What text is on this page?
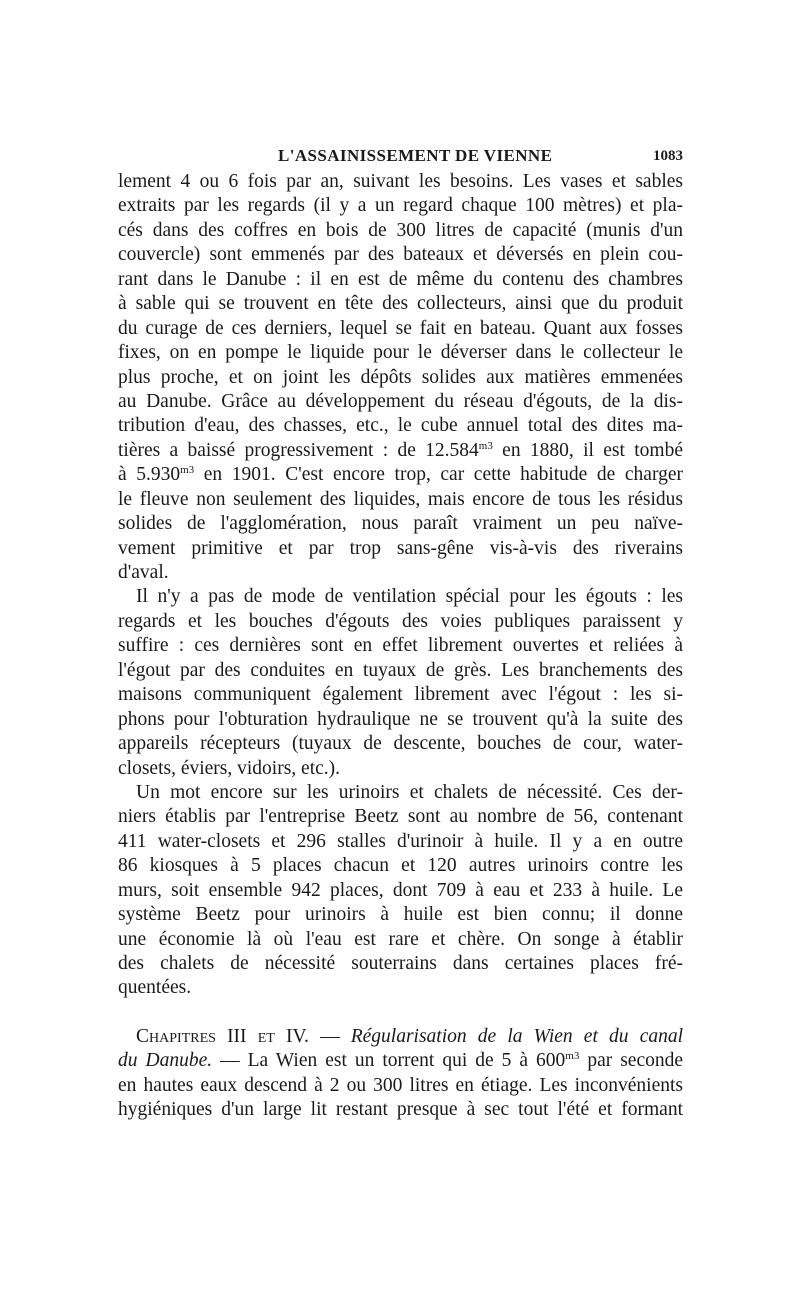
L'ASSAINISSEMENT DE VIENNE	1083
lement 4 ou 6 fois par an, suivant les besoins. Les vases et sables
extraits par les regards (il y a un regard chaque 100 mètres) et pla-
cés dans des coffres en bois de 300 litres de capacité (munis d'un
couvercle) sont emmenés par des bateaux et déversés en plein cou-
rant dans le Danube : il en est de même du contenu des chambres
à sable qui se trouvent en tête des collecteurs, ainsi que du produit
du curage de ces derniers, lequel se fait en bateau. Quant aux fosses
fixes, on en pompe le liquide pour le déverser dans le collecteur le
plus proche, et on joint les dépôts solides aux matières emmenées
au Danube. Grâce au développement du réseau d'égouts, de la dis-
tribution d'eau, des chasses, etc., le cube annuel total des dites ma-
tières a baissé progressivement : de $12.584^{m3}$ en 1880, il est tombé
à $5.930^{m3}$ en 1901. C'est encore trop, car cette habitude de charger
le fleuve non seulement des liquides, mais encore de tous les résidus
solides de l'agglomération, nous paraît vraiment un peu naïve-
vement primitive et par trop sans-gêne vis-à-vis des riverains
d'aval.
Il n'y a pas de mode de ventilation spécial pour les égouts : les
regards et les bouches d'égouts des voies publiques paraissent y
suffire : ces dernières sont en effet librement ouvertes et reliées à
l'égout par des conduites en tuyaux de grès. Les branchements des
maisons communiquent également librement avec l'égout : les si-
phons pour l'obturation hydraulique ne se trouvent qu'à la suite des
appareils récepteurs (tuyaux de descente, bouches de cour, water-
closets, éviers, vidoirs, etc.).
Un mot encore sur les urinoirs et chalets de nécessité. Ces der-
niers établis par l'entreprise Beetz sont au nombre de 56, contenant
411 water-closets et 296 stalles d'urinoir à huile. Il y a en outre
86 kiosques à 5 places chacun et 120 autres urinoirs contre les
murs, soit ensemble 942 places, dont 709 à eau et 233 à huile. Le
système Beetz pour urinoirs à huile est bien connu; il donne
une économie là où l'eau est rare et chère. On songe à établir
des chalets de nécessité souterrains dans certaines places fré-
quentées.
Chapitres III et IV. — Régularisation de la Wien et du canal
du Danube. — La Wien est un torrent qui de 5 à $600^{m3}$ par seconde
en hautes eaux descend à 2 ou 300 litres en étiage. Les inconvénients
hygiéniques d'un large lit restant presque à sec tout l'été et formant
